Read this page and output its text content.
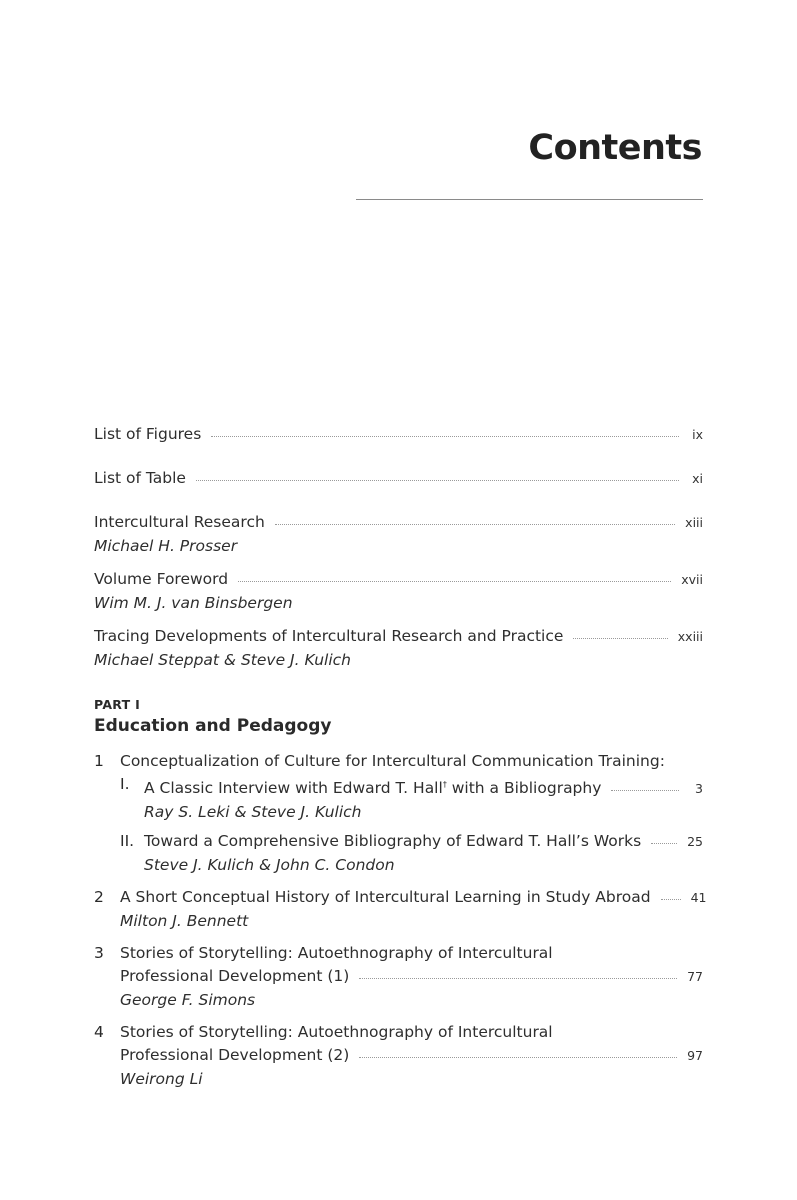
Contents
List of Figures	ix
List of Table	xi
Intercultural Research	xiii
Michael H. Prosser
Volume Foreword	xvii
Wim M. J. van Binsbergen
Tracing Developments of Intercultural Research and Practice	xxiii
Michael Steppat & Steve J. Kulich
PART I
Education and Pedagogy
1 Conceptualization of Culture for Intercultural Communication Training:
I. A Classic Interview with Edward T. Hall† with a Bibliography	3
Ray S. Leki & Steve J. Kulich
II. Toward a Comprehensive Bibliography of Edward T. Hall’s Works	25
Steve J. Kulich & John C. Condon
2 A Short Conceptual History of Intercultural Learning in Study Abroad	41
Milton J. Bennett
3 Stories of Storytelling: Autoethnography of Intercultural
Professional Development (1)	77
George F. Simons
4 Stories of Storytelling: Autoethnography of Intercultural
Professional Development (2)	97
Weirong Li
